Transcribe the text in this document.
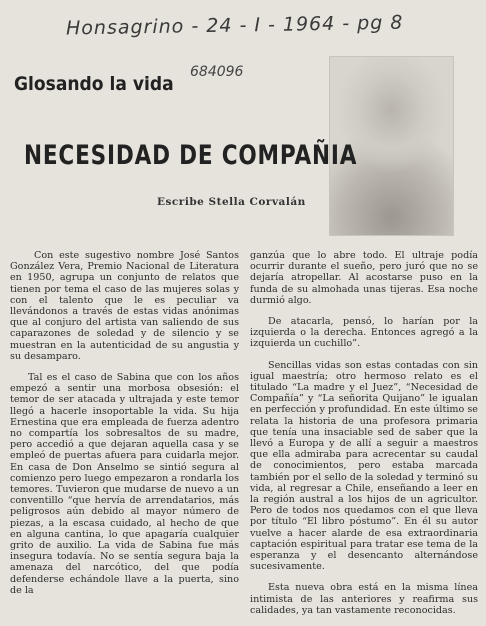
Honsagrino - 24 - I - 1964 - pg 8
684096
Glosando la vida
NECESIDAD DE COMPAÑIA
Escribe Stella Corvalán

Con este sugestivo nombre José Santos González Vera, Premio Nacional de Literatura en 1950, agrupa un conjunto de relatos que tienen por tema el caso de las mujeres solas y con el talento que le es peculiar va llevándonos a través de estas vidas anónimas que al conjuro del artista van saliendo de sus caparazones de soledad y de silencio y se muestran en la autenticidad de su angustia y su desamparo.

Tal es el caso de Sabina que con los años empezó a sentir una morbosa obsesión: el temor de ser atacada y ultrajada y este temor llegó a hacerle insoportable la vida. Su hija Ernestina que era empleada de fuerza adentro no compartía los sobresaltos de su madre, pero accedió a que dejaran aquella casa y se empleó de puertas afuera para cuidarla mejor. En casa de Don Anselmo se sintió segura al comienzo pero luego empezaron a rondarla los temores. Tuvieron que mudarse de nuevo a un conventillo “que hervía de arrendatarios, más peligrosos aún debido al mayor número de piezas, a la escasa cuidado, al hecho de que en alguna cantina, lo que apagaría cualquier grito de auxilio. La vida de Sabina fue más insegura todavía. No se sentía segura baja la amenaza del narcótico, del que podía defenderse echándole llave a la puerta, sino de la

ganzúa que lo abre todo. El ultraje podía ocurrir durante el sueño, pero juró que no se dejaría atropellar. Al acostarse puso en la funda de su almohada unas tijeras. Esa noche durmió algo.

De atacarla, pensó, lo harían por la izquierda o la derecha. Entonces agregó a la izquierda un cuchillo”.

Sencillas vidas son estas contadas con sin igual maestría; otro hermoso relato es el titulado “La madre y el Juez”, “Necesidad de Compañía” y “La señorita Quijano” le igualan en perfección y profundidad. En este último se relata la historia de una profesora primaria que tenía una insaciable sed de saber que la llevó a Europa y de allí a seguir a maestros que ella admiraba para acrecentar su caudal de conocimientos, pero estaba marcada también por el sello de la soledad y terminó su vida, al regresar a Chile, enseñando a leer en la región austral a los hijos de un agricultor. Pero de todos nos quedamos con el que lleva por título “El libro póstumo”. En él su autor vuelve a hacer alarde de esa extraordinaria captación espiritual para tratar ese tema de la esperanza y el desencanto alternándose sucesivamente.

Esta nueva obra está en la misma línea intimista de las anteriores y reafirma sus calidades, ya tan vastamente reconocidas.
